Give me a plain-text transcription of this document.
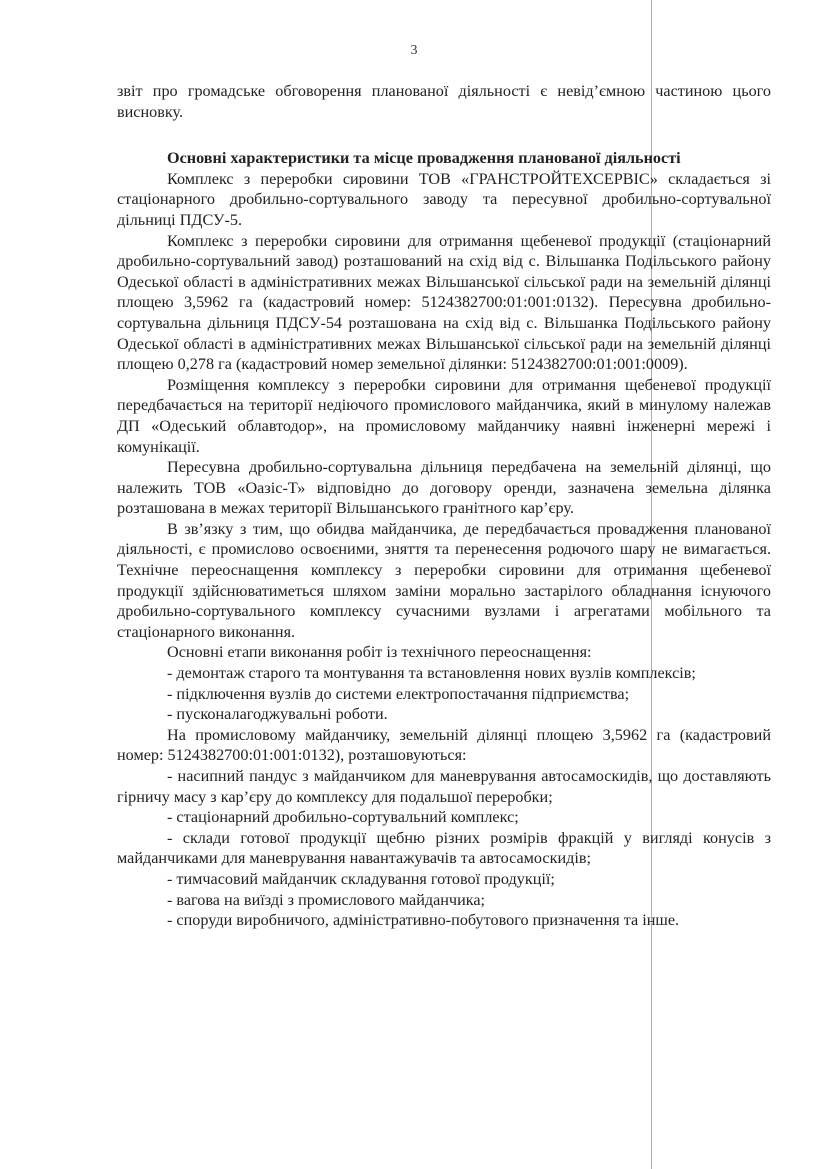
3

звіт про громадське обговорення планованої діяльності є невід’ємною частиною цього висновку.

Основні характеристики та місце провадження планованої діяльності

Комплекс з переробки сировини ТОВ «ГРАНСТРОЙТЕХСЕРВІС» складається зі стаціонарного дробильно-сортувального заводу та пересувної дробильно-сортувальної дільниці ПДСУ-5.

Комплекс з переробки сировини для отримання щебеневої продукції (стаціонарний дробильно-сортувальний завод) розташований на схід від с. Вільшанка Подільського району Одеської області в адміністративних межах Вільшанської сільської ради на земельній ділянці площею 3,5962 га (кадастровий номер: 5124382700:01:001:0132). Пересувна дробильно-сортувальна дільниця ПДСУ-54 розташована на схід від с. Вільшанка Подільського району Одеської області в адміністративних межах Вільшанської сільської ради на земельній ділянці площею 0,278 га (кадастровий номер земельної ділянки: 5124382700:01:001:0009).

Розміщення комплексу з переробки сировини для отримання щебеневої продукції передбачається на території недіючого промислового майданчика, який в минулому належав ДП «Одеський облавтодор», на промисловому майданчику наявні інженерні мережі і комунікації.

Пересувна дробильно-сортувальна дільниця передбачена на земельній ділянці, що належить ТОВ «Оазіс-Т» відповідно до договору оренди, зазначена земельна ділянка розташована в межах території Вільшанського гранітного кар’єру.

В зв’язку з тим, що обидва майданчика, де передбачається провадження планованої діяльності, є промислово освоєними, зняття та перенесення родючого шару не вимагається. Технічне переоснащення комплексу з переробки сировини для отримання щебеневої продукції здійснюватиметься шляхом заміни морально застарілого обладнання існуючого дробильно-сортувального комплексу сучасними вузлами і агрегатами мобільного та стаціонарного виконання.

Основні етапи виконання робіт із технічного переоснащення:

- демонтаж старого та монтування та встановлення нових вузлів комплексів;

- підключення вузлів до системи електропостачання підприємства;

- пусконалагоджувальні роботи.

На промисловому майданчику, земельній ділянці площею 3,5962 га (кадастровий номер: 5124382700:01:001:0132), розташовуються:

- насипний пандус з майданчиком для маневрування автосамоскидів, що доставляють гірничу масу з кар’єру до комплексу для подальшої переробки;

- стаціонарний дробильно-сортувальний комплекс;

- склади готової продукції щебню різних розмірів фракцій у вигляді конусів з майданчиками для маневрування навантажувачів та автосамоскидів;

- тимчасовий майданчик складування готової продукції;

- вагова на виїзді з промислового майданчика;

- споруди виробничого, адміністративно-побутового призначення та інше.
